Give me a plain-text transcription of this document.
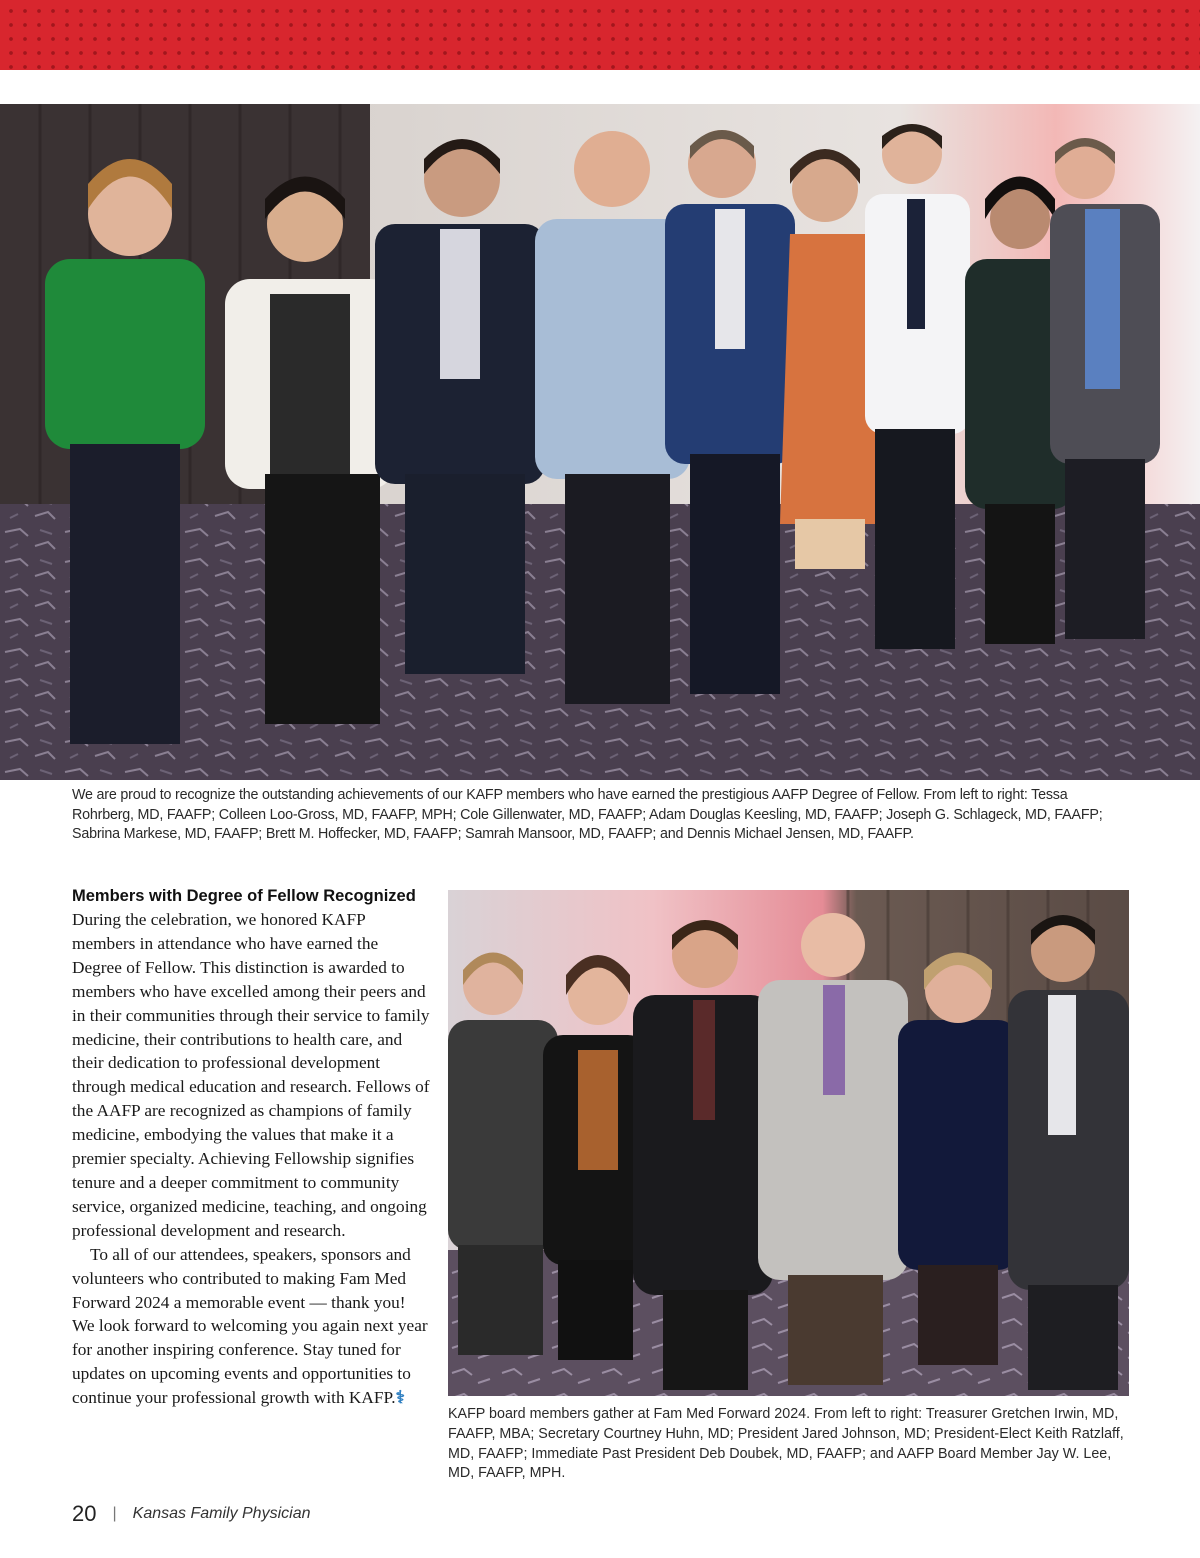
We are proud to recognize the outstanding achievements of our KAFP members who have earned the prestigious AAFP Degree of Fellow. From left to right: Tessa Rohrberg, MD, FAAFP; Colleen Loo-Gross, MD, FAAFP, MPH; Cole Gillenwater, MD, FAAFP; Adam Douglas Keesling, MD, FAAFP; Joseph G. Schlageck, MD, FAAFP; Sabrina Markese, MD, FAAFP; Brett M. Hoffecker, MD, FAAFP; Samrah Mansoor, MD, FAAFP; and Dennis Michael Jensen, MD, FAAFP.
Members with Degree of Fellow Recognized

During the celebration, we honored KAFP members in attendance who have earned the Degree of Fellow. This distinction is awarded to members who have excelled among their peers and in their communities through their service to family medicine, their contributions to health care, and their dedication to professional development through medical education and research. Fellows of the AAFP are recognized as champions of family medicine, embodying the values that make it a premier specialty. Achieving Fellowship signifies tenure and a deeper commitment to community service, organized medicine, teaching, and ongoing professional development and research.

To all of our attendees, speakers, sponsors and volunteers who contributed to making Fam Med Forward 2024 a memorable event — thank you! We look forward to welcoming you again next year for another inspiring conference. Stay tuned for updates on upcoming events and opportunities to continue your professional growth with KAFP.⚕

KAFP board members gather at Fam Med Forward 2024. From left to right: Treasurer Gretchen Irwin, MD, FAAFP, MBA; Secretary Courtney Huhn, MD; President Jared Johnson, MD; President-Elect Keith Ratzlaff, MD, FAAFP; Immediate Past President Deb Doubek, MD, FAAFP; and AAFP Board Member Jay W. Lee, MD, FAAFP, MPH.
20 | Kansas Family Physician
